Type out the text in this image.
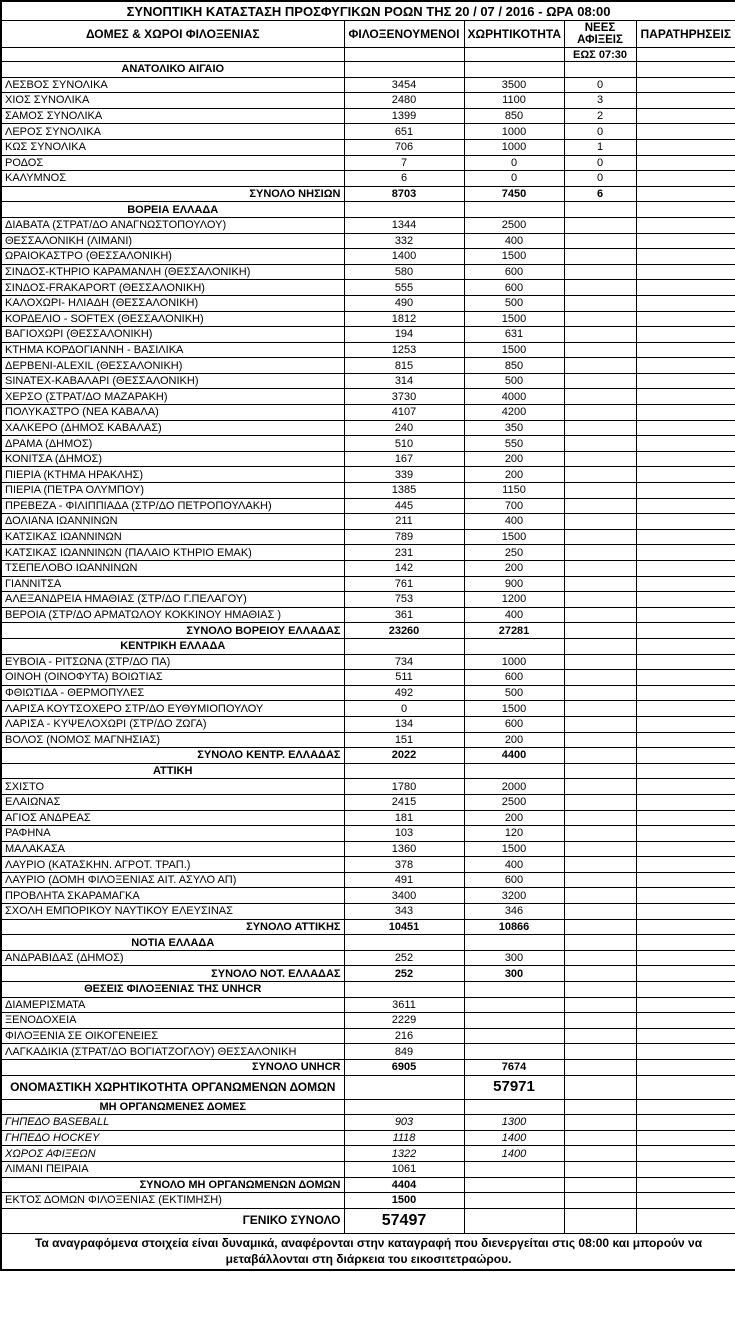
ΣΥΝΟΠΤΙΚΗ ΚΑΤΑΣΤΑΣΗ ΠΡΟΣΦΥΓΙΚΩΝ ΡΟΩΝ ΤΗΣ 20 / 07 / 2016 - ΩΡΑ 08:00				
ΔΟΜΕΣ & ΧΩΡΟΙ ΦΙΛΟΞΕΝΙΑΣ	ΦΙΛΟΞΕΝΟΥΜΕΝΟΙ	ΧΩΡΗΤΙΚΟΤΗΤΑ	ΝΕΕΣ ΑΦΙΞΕΙΣ	ΠΑΡΑΤΗΡΗΣΕΙΣ
			ΕΩΣ 07:30	
ΑΝΑΤΟΛΙΚΟ ΑΙΓΑΙΟ				
ΛΕΣΒΟΣ ΣΥΝΟΛΙΚΑ	3454	3500	0	
ΧΙΟΣ ΣΥΝΟΛΙΚΑ	2480	1100	3	
ΣΑΜΟΣ ΣΥΝΟΛΙΚΑ	1399	850	2	
ΛΕΡΟΣ ΣΥΝΟΛΙΚΑ	651	1000	0	
ΚΩΣ ΣΥΝΟΛΙΚΑ	706	1000	1	
ΡΟΔΟΣ	7	0	0	
ΚΑΛΥΜΝΟΣ	6	0	0	
ΣΥΝΟΛΟ ΝΗΣΙΩΝ	8703	7450	6	
ΒΟΡΕΙΑ ΕΛΛΑΔΑ				
ΔΙΑΒΑΤΑ (ΣΤΡΑΤ/ΔΟ ΑΝΑΓΝΩΣΤΟΠΟΥΛΟΥ)	1344	2500		
ΘΕΣΣΑΛΟΝΙΚΗ (ΛΙΜΑΝΙ)	332	400		
ΩΡΑΙΟΚΑΣΤΡΟ (ΘΕΣΣΑΛΟΝΙΚΗ)	1400	1500		
ΣΙΝΔΟΣ-ΚΤΗΡΙΟ ΚΑΡΑΜΑΝΛΗ (ΘΕΣΣΑΛΟΝΙΚΗ)	580	600		
ΣΙΝΔΟΣ-FRAKAPORT (ΘΕΣΣΑΛΟΝΙΚΗ)	555	600		
ΚΑΛΟΧΩΡΙ- ΗΛΙΑΔΗ (ΘΕΣΣΑΛΟΝΙΚΗ)	490	500		
ΚΟΡΔΕΛΙΟ - SOFTEX (ΘΕΣΣΑΛΟΝΙΚΗ)	1812	1500		
ΒΑΓΙΟΧΩΡΙ (ΘΕΣΣΑΛΟΝΙΚΗ)	194	631		
ΚΤΗΜΑ ΚΟΡΔΟΓΙΑΝΝΗ - ΒΑΣΙΛΙΚΑ	1253	1500		
ΔΕΡΒΕΝΙ-ALEXIL (ΘΕΣΣΑΛΟΝΙΚΗ)	815	850		
SINATEX-ΚΑΒΑΛΑΡΙ (ΘΕΣΣΑΛΟΝΙΚΗ)	314	500		
ΧΕΡΣΟ (ΣΤΡΑΤ/ΔΟ ΜΑΖΑΡΑΚΗ)	3730	4000		
ΠΟΛΥΚΑΣΤΡΟ (ΝΕΑ ΚΑΒΑΛΑ)	4107	4200		
ΧΑΛΚΕΡΟ (ΔΗΜΟΣ ΚΑΒΑΛΑΣ)	240	350		
ΔΡΑΜΑ (ΔΗΜΟΣ)	510	550		
ΚΟΝΙΤΣΑ (ΔΗΜΟΣ)	167	200		
ΠΙΕΡΙΑ (ΚΤΗΜΑ ΗΡΑΚΛΗΣ)	339	200		
ΠΙΕΡΙΑ (ΠΕΤΡΑ ΟΛΥΜΠΟΥ)	1385	1150		
ΠΡΕΒΕΖΑ - ΦΙΛΙΠΠΙΑΔΑ (ΣΤΡ/ΔΟ ΠΕΤΡΟΠΟΥΛΑΚΗ)	445	700		
ΔΟΛΙΑΝΑ ΙΩΑΝΝΙΝΩΝ	211	400		
ΚΑΤΣΙΚΑΣ ΙΩΑΝΝΙΝΩΝ	789	1500		
ΚΑΤΣΙΚΑΣ ΙΩΑΝΝΙΝΩΝ (ΠΑΛΑΙΟ ΚΤΗΡΙΟ ΕΜΑΚ)	231	250		
ΤΣΕΠΕΛΟΒΟ ΙΩΑΝΝΙΝΩΝ	142	200		
ΓΙΑΝΝΙΤΣΑ	761	900		
ΑΛΕΞΑΝΔΡΕΙΑ ΗΜΑΘΙΑΣ (ΣΤΡ/ΔΟ Γ.ΠΕΛΑΓΟΥ)	753	1200		
ΒΕΡΟΙΑ (ΣΤΡ/ΔΟ ΑΡΜΑΤΩΛΟΥ ΚΟΚΚΙΝΟΥ ΗΜΑΘΙΑΣ )	361	400		
ΣΥΝΟΛΟ ΒΟΡΕΙΟΥ ΕΛΛΑΔΑΣ	23260	27281		
ΚΕΝΤΡΙΚΗ ΕΛΛΑΔΑ				
ΕΥΒΟΙΑ - ΡΙΤΣΩΝΑ (ΣΤΡ/ΔΟ ΠΑ)	734	1000		
ΟΙΝΟΗ (ΟΙΝΟΦΥΤΑ) ΒΟΙΩΤΙΑΣ	511	600		
ΦΘΙΩΤΙΔΑ - ΘΕΡΜΟΠΥΛΕΣ	492	500		
ΛΑΡΙΣΑ ΚΟΥΤΣΟΧΕΡΟ ΣΤΡ/ΔΟ ΕΥΘΥΜΙΟΠΟΥΛΟΥ	0	1500		
ΛΑΡΙΣΑ - ΚΥΨΕΛΟΧΩΡΙ (ΣΤΡ/ΔΟ ΖΩΓΑ)	134	600		
ΒΟΛΟΣ (ΝΟΜΟΣ ΜΑΓΝΗΣΙΑΣ)	151	200		
ΣΥΝΟΛΟ ΚΕΝΤΡ. ΕΛΛΑΔΑΣ	2022	4400		
ΑΤΤΙΚΗ				
ΣΧΙΣΤΟ	1780	2000		
ΕΛΑΙΩΝΑΣ	2415	2500		
ΑΓΙΟΣ ΑΝΔΡΕΑΣ	181	200		
ΡΑΦΗΝΑ	103	120		
ΜΑΛΑΚΑΣΑ	1360	1500		
ΛΑΥΡΙΟ (ΚΑΤΑΣΚΗΝ. ΑΓΡΟΤ. ΤΡΑΠ.)	378	400		
ΛΑΥΡΙΟ (ΔΟΜΗ ΦΙΛΟΞΕΝΙΑΣ ΑΙΤ. ΑΣΥΛΟ ΑΠ)	491	600		
ΠΡΟΒΛΗΤΑ ΣΚΑΡΑΜΑΓΚΑ	3400	3200		
ΣΧΟΛΗ ΕΜΠΟΡΙΚΟΥ ΝΑΥΤΙΚΟΥ ΕΛΕΥΣΙΝΑΣ	343	346		
ΣΥΝΟΛΟ ΑΤΤΙΚΗΣ	10451	10866		
ΝΟΤΙΑ ΕΛΛΑΔΑ				
ΑΝΔΡΑΒΙΔΑΣ (ΔΗΜΟΣ)	252	300		
ΣΥΝΟΛΟ ΝΟΤ. ΕΛΛΑΔΑΣ	252	300		
ΘΕΣΕΙΣ ΦΙΛΟΞΕΝΙΑΣ ΤΗΣ UNHCR				
ΔΙΑΜΕΡΙΣΜΑΤΑ	3611			
ΞΕΝΟΔΟΧΕΙΑ	2229			
ΦΙΛΟΞΕΝΙΑ ΣΕ ΟΙΚΟΓΕΝΕΙΕΣ	216			
ΛΑΓΚΑΔΙΚΙΑ (ΣΤΡΑΤ/ΔΟ ΒΟΓΙΑΤΖΟΓΛΟΥ) ΘΕΣΣΑΛΟΝΙΚΗ	849			
ΣΥΝΟΛΟ UNHCR	6905	7674		
ΟΝΟΜΑΣΤΙΚΗ ΧΩΡΗΤΙΚΟΤΗΤΑ ΟΡΓΑΝΩΜΕΝΩΝ ΔΟΜΩΝ		57971		
ΜΗ ΟΡΓΑΝΩΜΕΝΕΣ ΔΟΜΕΣ				
ΓΗΠΕΔΟ BASEBALL	903	1300		
ΓΗΠΕΔΟ HOCKEY	1118	1400		
ΧΩΡΟΣ ΑΦΙΞΕΩΝ	1322	1400		
ΛΙΜΑΝΙ ΠΕΙΡΑΙΑ	1061			
ΣΥΝΟΛΟ ΜΗ ΟΡΓΑΝΩΜΕΝΩΝ ΔΟΜΩΝ	4404			
ΕΚΤΟΣ ΔΟΜΩΝ ΦΙΛΟΞΕΝΙΑΣ (ΕΚΤΙΜΗΣΗ)	1500			
ΓΕΝΙΚΟ ΣΥΝΟΛΟ	57497			
Τα αναγραφόμενα στοιχεία είναι δυναμικά, αναφέρονται στην καταγραφή που διενεργείται στις 08:00 και μπορούν να μεταβάλλονται στη διάρκεια του εικοσιτετραώρου.				
